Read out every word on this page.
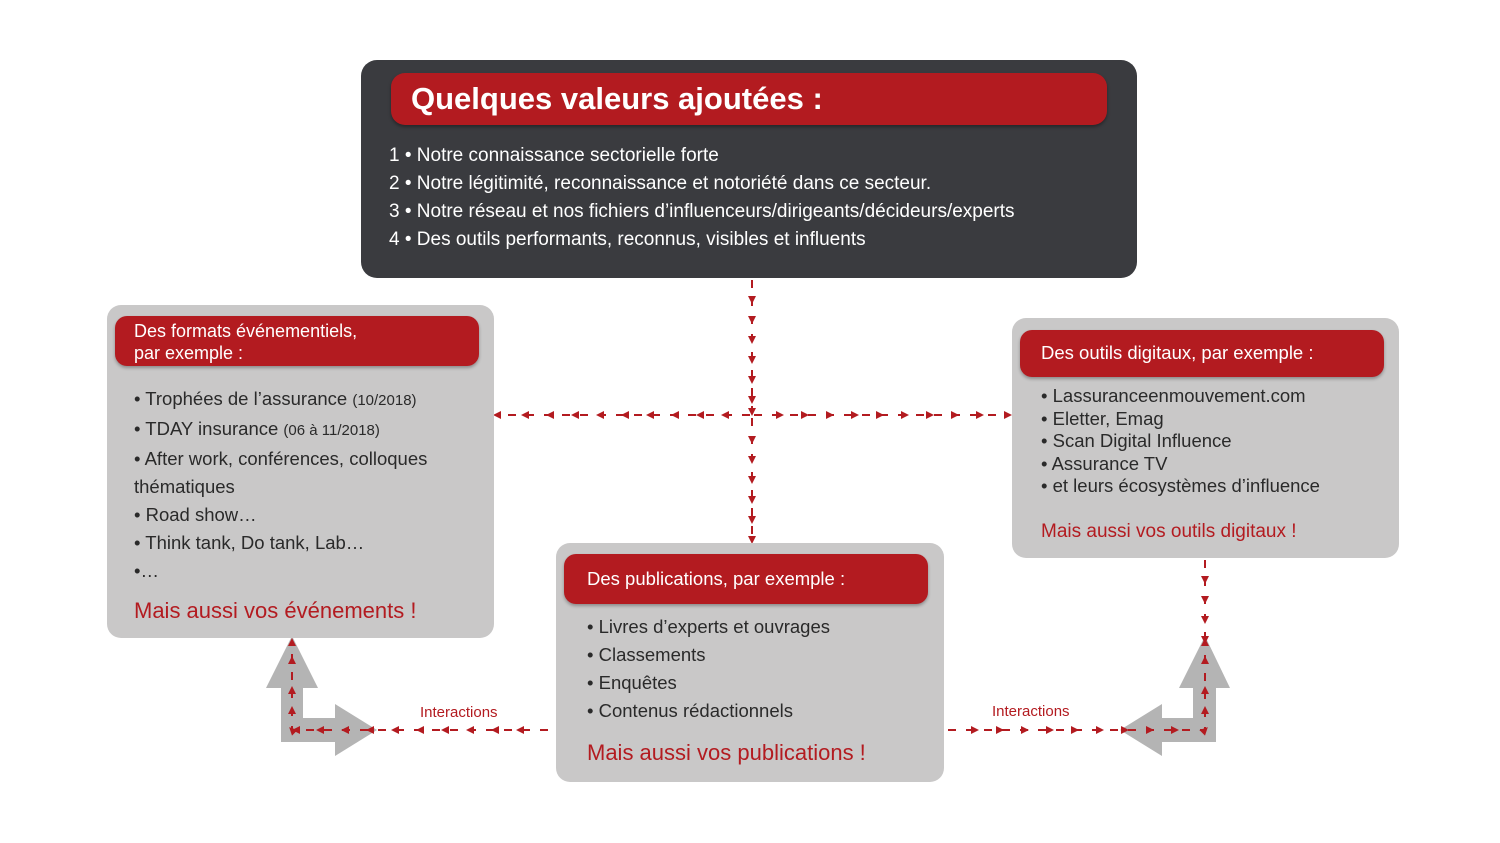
Quelques valeurs ajoutées :
1 • Notre connaissance sectorielle forte
2 • Notre légitimité, reconnaissance et notoriété dans ce secteur.
3 • Notre réseau et nos fichiers d’influenceurs/dirigeants/décideurs/experts
4 • Des outils performants, reconnus, visibles et influents
Des formats événementiels,
par exemple :
• Trophées de l’assurance (10/2018)
• TDAY insurance (06 à 11/2018)
• After work, conférences, colloques
thématiques
• Road show…
• Think tank, Do tank, Lab…
•…
Mais aussi vos événements !
Des outils digitaux, par exemple :
• Lassuranceenmouvement.com
• Eletter, Emag
• Scan Digital Influence
• Assurance TV
• et leurs écosystèmes d’influence
Mais aussi vos outils digitaux !
Des publications, par exemple :
• Livres d’experts et ouvrages
• Classements
• Enquêtes
• Contenus rédactionnels
Mais aussi vos publications !
Interactions	Interactions
